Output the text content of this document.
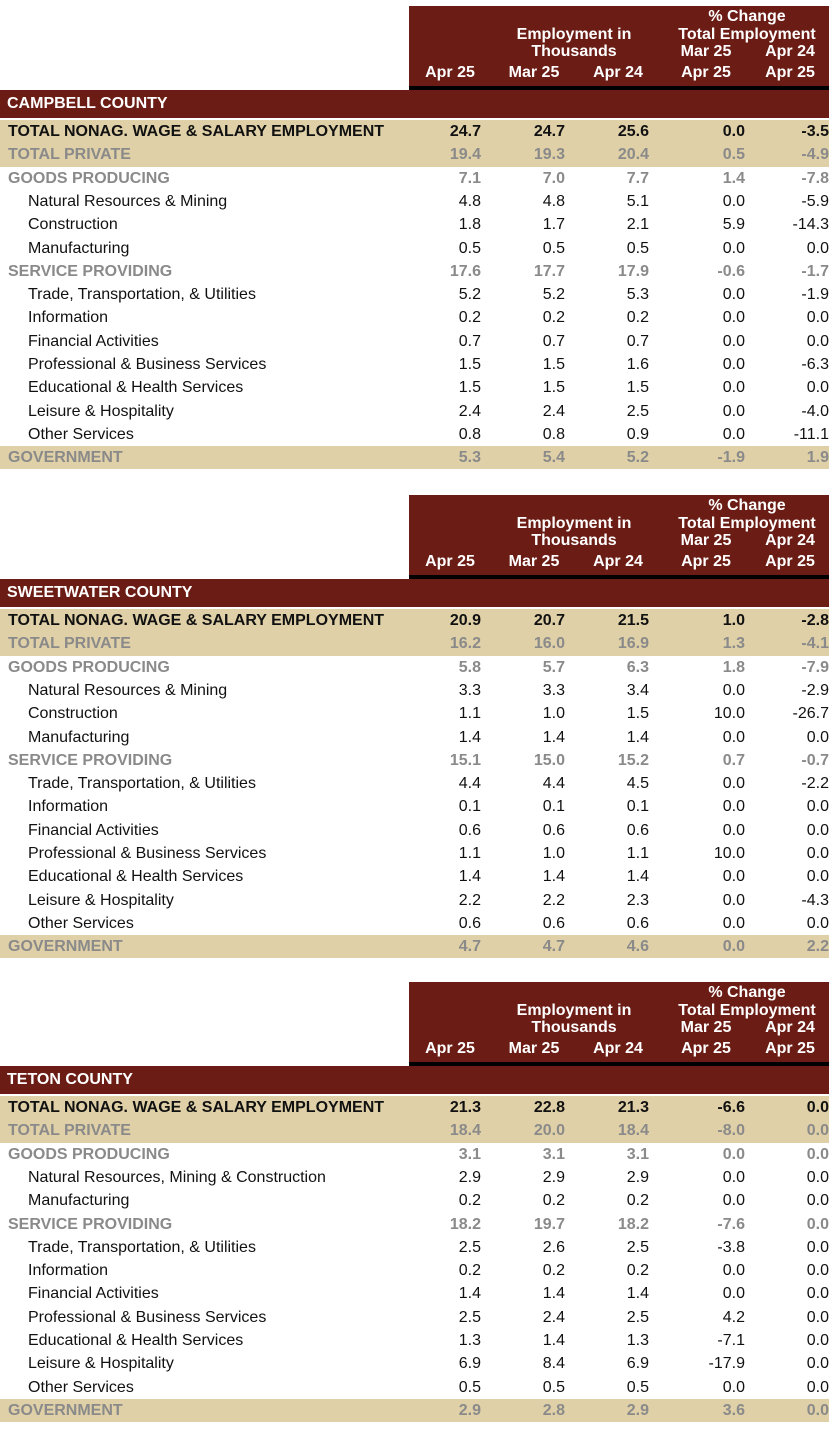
Employment in
Thousands
% Change
Total Employment
Mar 25	Apr 24
Apr 25	Mar 25	Apr 24	Apr 25	Apr 25
CAMPBELL COUNTY
TOTAL NONAG. WAGE & SALARY EMPLOYMENT	24.7	24.7	25.6	0.0	-3.5
TOTAL PRIVATE	19.4	19.3	20.4	0.5	-4.9
GOODS PRODUCING	7.1	7.0	7.7	1.4	-7.8
Natural Resources & Mining	4.8	4.8	5.1	0.0	-5.9
Construction	1.8	1.7	2.1	5.9	-14.3
Manufacturing	0.5	0.5	0.5	0.0	0.0
SERVICE PROVIDING	17.6	17.7	17.9	-0.6	-1.7
Trade, Transportation, & Utilities	5.2	5.2	5.3	0.0	-1.9
Information	0.2	0.2	0.2	0.0	0.0
Financial Activities	0.7	0.7	0.7	0.0	0.0
Professional & Business Services	1.5	1.5	1.6	0.0	-6.3
Educational & Health Services	1.5	1.5	1.5	0.0	0.0
Leisure & Hospitality	2.4	2.4	2.5	0.0	-4.0
Other Services	0.8	0.8	0.9	0.0	-11.1
GOVERNMENT	5.3	5.4	5.2	-1.9	1.9
Employment in
Thousands
% Change
Total Employment
Mar 25	Apr 24
Apr 25	Mar 25	Apr 24	Apr 25	Apr 25
SWEETWATER COUNTY
TOTAL NONAG. WAGE & SALARY EMPLOYMENT	20.9	20.7	21.5	1.0	-2.8
TOTAL PRIVATE	16.2	16.0	16.9	1.3	-4.1
GOODS PRODUCING	5.8	5.7	6.3	1.8	-7.9
Natural Resources & Mining	3.3	3.3	3.4	0.0	-2.9
Construction	1.1	1.0	1.5	10.0	-26.7
Manufacturing	1.4	1.4	1.4	0.0	0.0
SERVICE PROVIDING	15.1	15.0	15.2	0.7	-0.7
Trade, Transportation, & Utilities	4.4	4.4	4.5	0.0	-2.2
Information	0.1	0.1	0.1	0.0	0.0
Financial Activities	0.6	0.6	0.6	0.0	0.0
Professional & Business Services	1.1	1.0	1.1	10.0	0.0
Educational & Health Services	1.4	1.4	1.4	0.0	0.0
Leisure & Hospitality	2.2	2.2	2.3	0.0	-4.3
Other Services	0.6	0.6	0.6	0.0	0.0
GOVERNMENT	4.7	4.7	4.6	0.0	2.2
Employment in
Thousands
% Change
Total Employment
Mar 25	Apr 24
Apr 25	Mar 25	Apr 24	Apr 25	Apr 25
TETON COUNTY
TOTAL NONAG. WAGE & SALARY EMPLOYMENT	21.3	22.8	21.3	-6.6	0.0
TOTAL PRIVATE	18.4	20.0	18.4	-8.0	0.0
GOODS PRODUCING	3.1	3.1	3.1	0.0	0.0
Natural Resources, Mining & Construction	2.9	2.9	2.9	0.0	0.0
Manufacturing	0.2	0.2	0.2	0.0	0.0
SERVICE PROVIDING	18.2	19.7	18.2	-7.6	0.0
Trade, Transportation, & Utilities	2.5	2.6	2.5	-3.8	0.0
Information	0.2	0.2	0.2	0.0	0.0
Financial Activities	1.4	1.4	1.4	0.0	0.0
Professional & Business Services	2.5	2.4	2.5	4.2	0.0
Educational & Health Services	1.3	1.4	1.3	-7.1	0.0
Leisure & Hospitality	6.9	8.4	6.9	-17.9	0.0
Other Services	0.5	0.5	0.5	0.0	0.0
GOVERNMENT	2.9	2.8	2.9	3.6	0.0
